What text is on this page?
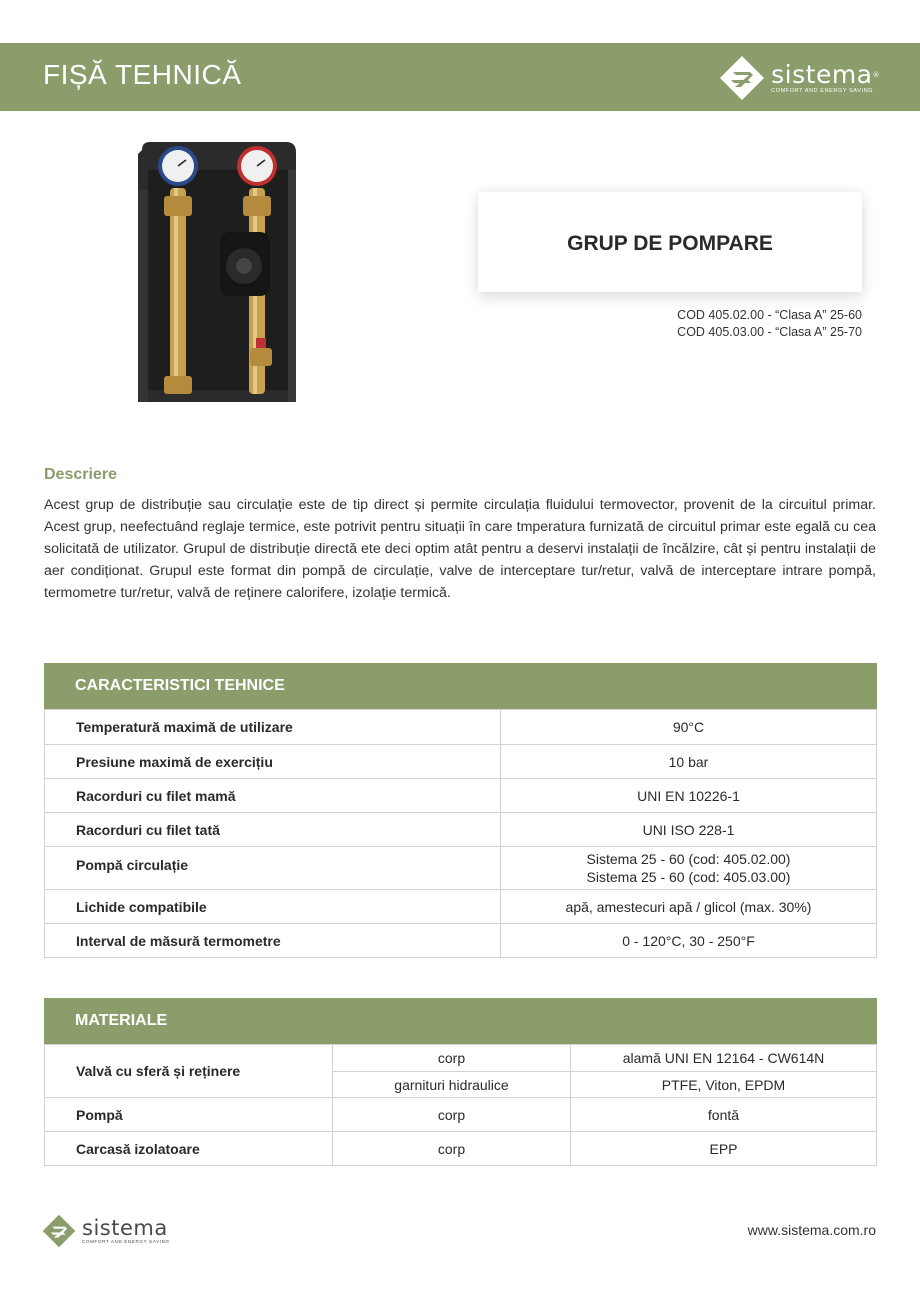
FIȘĂ TEHNICĂ	sistema®
COMFORT AND ENERGY SAVING
GRUP DE POMPARE
COD 405.02.00 - “Clasa A” 25-60
COD 405.03.00 - “Clasa A” 25-70
Descriere
Acest grup de distribuție sau circulație este de tip direct și permite circulația fluidului termovector, provenit de la circuitul primar. Acest grup, neefectuând reglaje termice, este potrivit pentru situații în care tmperatura furnizată de circuitul primar este egală cu cea solicitată de utilizator. Grupul de distribuție directă ete deci optim atât pentru a deservi instalații de încălzire, cât și pentru instalații de aer condiționat. Grupul este format din pompă de circulație, valve de interceptare tur/retur, valvă de interceptare intrare pompă, termometre tur/retur, valvă de reținere calorifere, izolație termică.
CARACTERISTICI TEHNICE
Temperatură maximă de utilizare	90°C
Presiune maximă de exercițiu	10 bar
Racorduri cu filet mamă	UNI EN 10226-1
Racorduri cu filet tată	UNI ISO 228-1
Pompă circulație	Sistema 25 - 60 (cod: 405.02.00)
Sistema 25 - 60 (cod: 405.03.00)

Lichide compatibile	apă, amestecuri apă / glicol (max. 30%)
Interval de măsură termometre	0 - 120°C, 30 - 250°F
MATERIALE
Valvă cu sferă și reținere	corp	alamă UNI EN 12164 - CW614N
	garnituri hidraulice	PTFE, Viton, EPDM
Pompă	corp	fontă
Carcasă izolatoare	corp	EPP
sistema
COMFORT AND ENERGY SAVING
www.sistema.com.ro
